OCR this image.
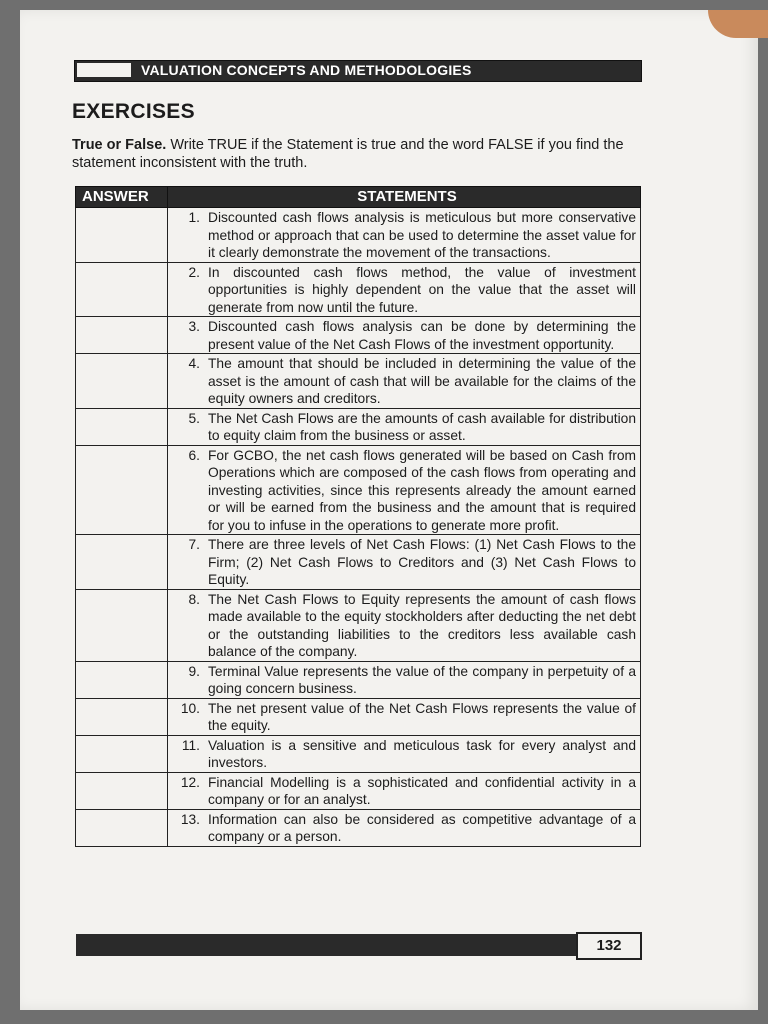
VALUATION CONCEPTS AND METHODOLOGIES
EXERCISES
True or False. Write TRUE if the Statement is true and the word FALSE if you find the statement inconsistent with the truth.
ANSWER	STATEMENTS

	1. Discounted cash flows analysis is meticulous but more conservative method or approach that can be used to determine the asset value for it clearly demonstrate the movement of the transactions.

	2. In discounted cash flows method, the value of investment opportunities is highly dependent on the value that the asset will generate from now until the future.

	3. Discounted cash flows analysis can be done by determining the present value of the Net Cash Flows of the investment opportunity.

	4. The amount that should be included in determining the value of the asset is the amount of cash that will be available for the claims of the equity owners and creditors.

	5. The Net Cash Flows are the amounts of cash available for distribution to equity claim from the business or asset.

	6. For GCBO, the net cash flows generated will be based on Cash from Operations which are composed of the cash flows from operating and investing activities, since this represents already the amount earned or will be earned from the business and the amount that is required for you to infuse in the operations to generate more profit.

	7. There are three levels of Net Cash Flows: (1) Net Cash Flows to the Firm; (2) Net Cash Flows to Creditors and (3) Net Cash Flows to Equity.

	8. The Net Cash Flows to Equity represents the amount of cash flows made available to the equity stockholders after deducting the net debt or the outstanding liabilities to the creditors less available cash balance of the company.

	9. Terminal Value represents the value of the company in perpetuity of a going concern business.

	10. The net present value of the Net Cash Flows represents the value of the equity.

	11. Valuation is a sensitive and meticulous task for every analyst and investors.

	12. Financial Modelling is a sophisticated and confidential activity in a company or for an analyst.

	13. Information can also be considered as competitive advantage of a company or a person.
132
